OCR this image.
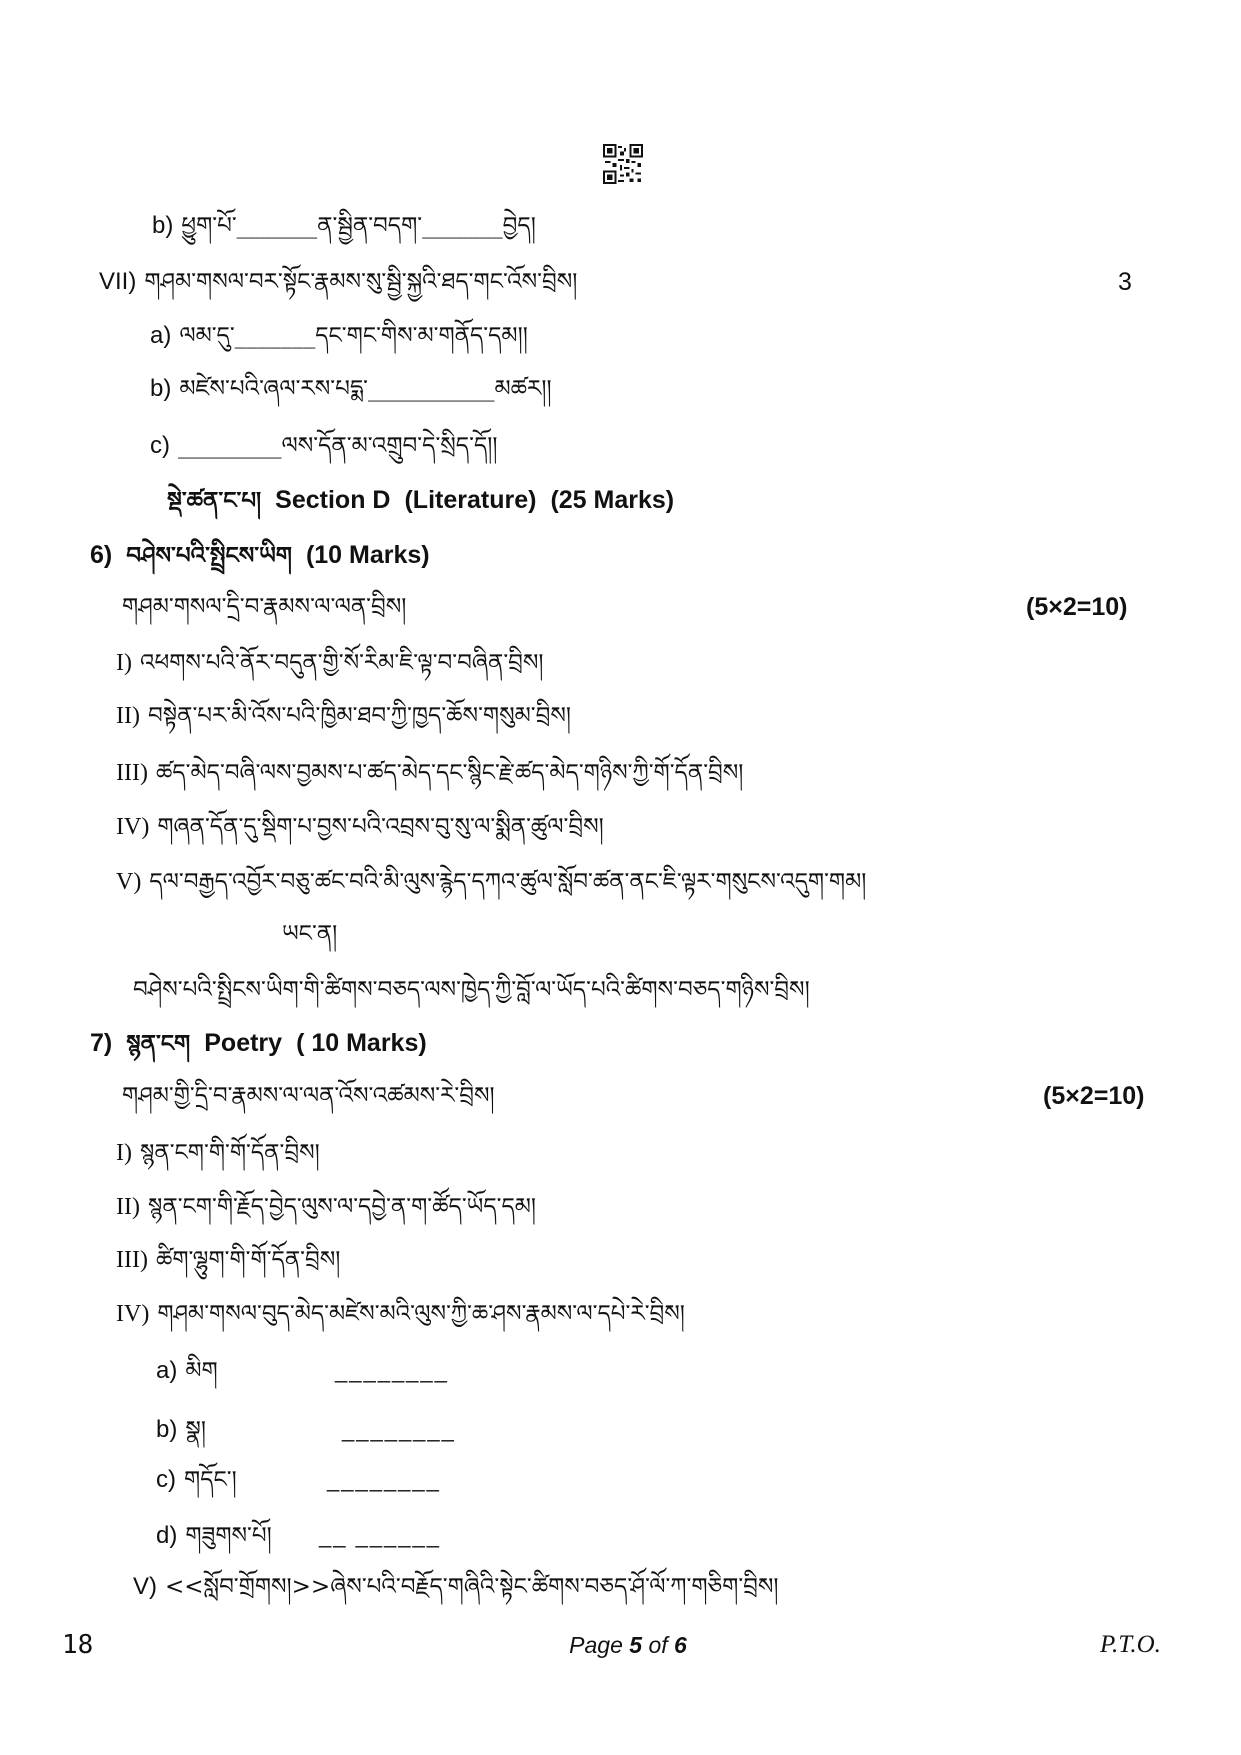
b) ཕྱུག་པོ་_______ན་སྦྱིན་བདག་_______བྱེད།
VII) གཤམ་གསལ་བར་སྟོང་རྣམས་སུ་སྦྱི་སྐྱའི་ཐད་གང་འོས་བྲིས།	3
a) ལམ་དུ་_______དང་གང་གིས་མ་གནོད་དམ།།
b) མཛེས་པའི་ཞལ་རས་པདྨ་___________མཚར།།
c) _________ལས་དོན་མ་འགྲུབ་དེ་སྲིད་དོ།།
སྡེ་ཚན་ང་པ། Section D (Literature) (25 Marks)
6) བཤེས་པའི་སྤྲིངས་ཡིག (10 Marks)
གཤམ་གསལ་དྲི་བ་རྣམས་ལ་ལན་བྲིས།	(5×2=10)
I) འཕགས་པའི་ནོར་བདུན་གྱི་སོ་རིམ་ཇི་ལྟ་བ་བཞིན་བྲིས།
II) བསྟེན་པར་མི་འོས་པའི་ཁྱིམ་ཐབ་ཀྱི་ཁྱད་ཆོས་གསུམ་བྲིས།
III) ཚད་མེད་བཞི་ལས་བྱམས་པ་ཚད་མེད་དང་སྙིང་རྗེ་ཚད་མེད་གཉིས་ཀྱི་གོ་དོན་བྲིས།
IV) གཞན་དོན་དུ་སྡིག་པ་བྱས་པའི་འབྲས་བུ་སུ་ལ་སྨིན་ཚུལ་བྲིས།
V) དལ་བརྒྱད་འབྱོར་བཅུ་ཚང་བའི་མི་ལུས་རྙེད་དཀའ་ཚུལ་སློབ་ཚན་ནང་ཇི་ལྟར་གསུངས་འདུག་གམ།
ཡང་ན།
བཤེས་པའི་སྤྲིངས་ཡིག་གི་ཚིགས་བཅད་ལས་ཁྱེད་ཀྱི་བློ་ལ་ཡོད་པའི་ཚིགས་བཅད་གཉིས་བྲིས།
7) སྙན་ངག Poetry ( 10 Marks)
གཤམ་གྱི་དྲི་བ་རྣམས་ལ་ལན་འོས་འཚམས་རེ་བྲིས།	(5×2=10)
I) སྙན་ངག་གི་གོ་དོན་བྲིས།
II) སྙན་ངག་གི་རྗོད་བྱེད་ལུས་ལ་དབྱེ་ན་ག་ཚོད་ཡོད་དམ།
III) ཚིག་ལྷུག་གི་གོ་དོན་བྲིས།
IV) གཤམ་གསལ་བུད་མེད་མཛེས་མའི་ལུས་ཀྱི་ཆ་ཤས་རྣམས་ལ་དཔེ་རེ་བྲིས།
a) མིག	________
b) སྣ།	________
c) གདོང་།	________
d) གཟུགས་པོ།	__ ______
V) <<སློབ་གྲོགས།>>ཞེས་པའི་བརྗོད་གཞིའི་སྟེང་ཚིགས་བཅད་ཤོ་ལོ་ཀ་གཅིག་བྲིས།
18	Page 5 of 6	P.T.O.
